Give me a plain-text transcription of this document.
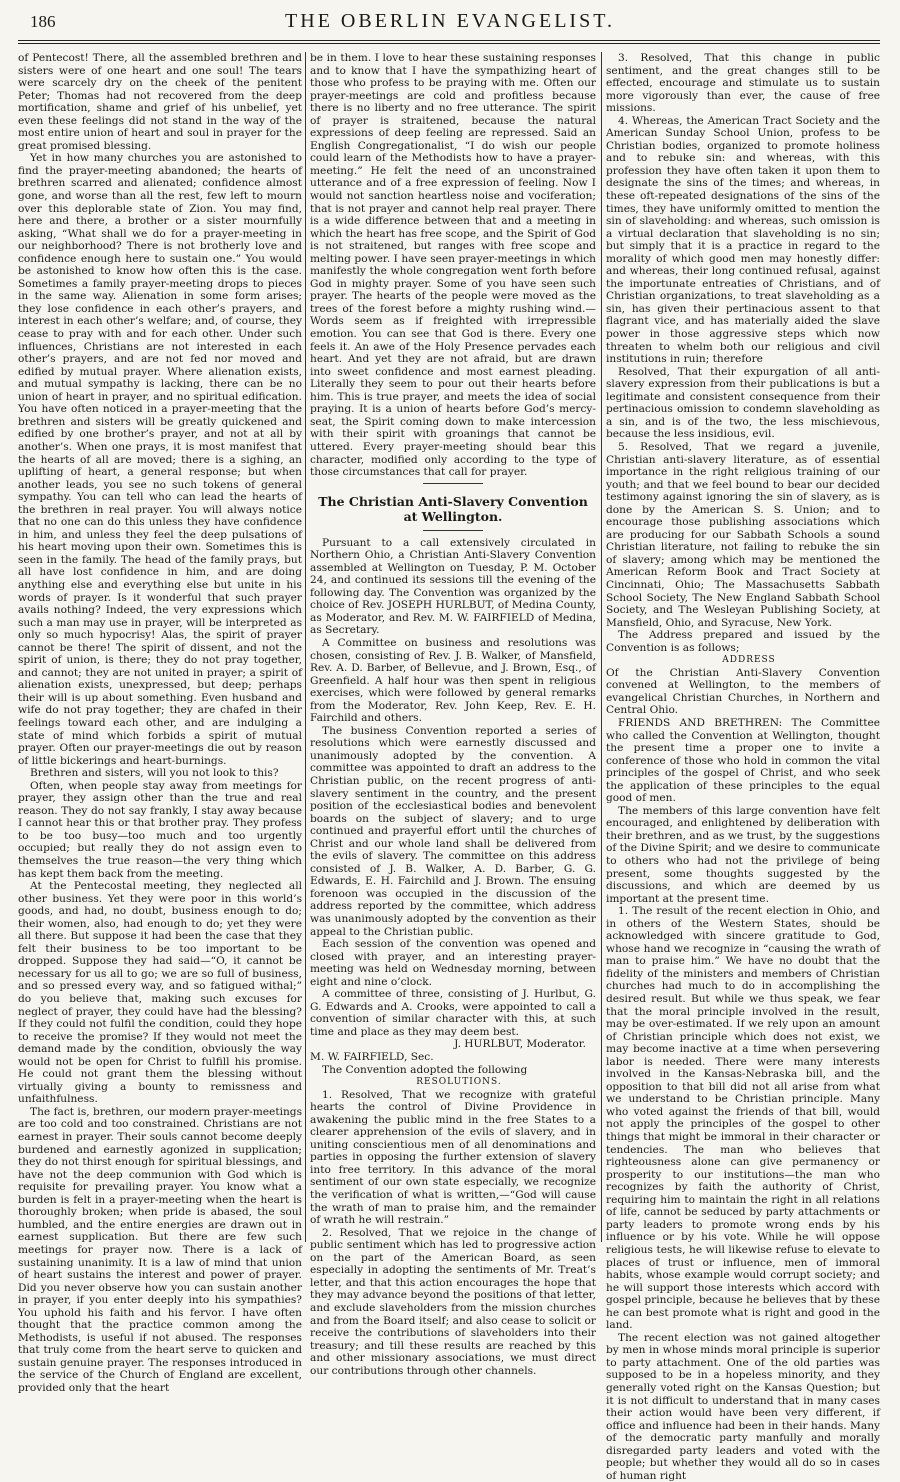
186	THE OBERLIN EVANGELIST.

of Pentecost! There, all the assembled brethren and sisters were of one heart and one soul! The tears were scarcely dry on the cheek of the penitent Peter; Thomas had not recovered from the deep mortification, shame and grief of his unbelief, yet even these feelings did not stand in the way of the most entire union of heart and soul in prayer for the great promised blessing.

Yet in how many churches you are astonished to find the prayer-meeting abandoned; the hearts of brethren scarred and alienated; confidence almost gone, and worse than all the rest, few left to mourn over this deplorable state of Zion. You may find, here and there, a brother or a sister mournfully asking, “What shall we do for a prayer-meeting in our neighborhood? There is not brotherly love and confidence enough here to sustain one.” You would be astonished to know how often this is the case. Sometimes a family prayer-meeting drops to pieces in the same way. Alienation in some form arises; they lose confidence in each other’s prayers, and interest in each other’s welfare; and, of course, they cease to pray with and for each other. Under such influences, Christians are not interested in each other’s prayers, and are not fed nor moved and edified by mutual prayer. Where alienation exists, and mutual sympathy is lacking, there can be no union of heart in prayer, and no spiritual edification. You have often noticed in a prayer-meeting that the brethren and sisters will be greatly quickened and edified by one brother’s prayer, and not at all by another’s. When one prays, it is most manifest that the hearts of all are moved; there is a sighing, an uplifting of heart, a general response; but when another leads, you see no such tokens of general sympathy. You can tell who can lead the hearts of the brethren in real prayer. You will always notice that no one can do this unless they have confidence in him, and unless they feel the deep pulsations of his heart moving upon their own. Sometimes this is seen in the family. The head of the family prays, but all have lost confidence in him, and are doing anything else and everything else but unite in his words of prayer. Is it wonderful that such prayer avails nothing? Indeed, the very expressions which such a man may use in prayer, will be interpreted as only so much hypocrisy! Alas, the spirit of prayer cannot be there! The spirit of dissent, and not the spirit of union, is there; they do not pray together, and cannot; they are not united in prayer; a spirit of alienation exists, unexpressed, but deep; perhaps their will is up about something. Even husband and wife do not pray together; they are chafed in their feelings toward each other, and are indulging a state of mind which forbids a spirit of mutual prayer. Often our prayer-meetings die out by reason of little bickerings and heart-burnings.

Brethren and sisters, will you not look to this?

Often, when people stay away from meetings for prayer, they assign other than the true and real reason. They do not say frankly, I stay away because I cannot hear this or that brother pray. They profess to be too busy—too much and too urgently occupied; but really they do not assign even to themselves the true reason—the very thing which has kept them back from the meeting.

At the Pentecostal meeting, they neglected all other business. Yet they were poor in this world’s goods, and had, no doubt, business enough to do; their women, also, had enough to do; yet they were all there. But suppose it had been the case that they felt their business to be too important to be dropped. Suppose they had said—“O, it cannot be necessary for us all to go; we are so full of business, and so pressed every way, and so fatigued withal;” do you believe that, making such excuses for neglect of prayer, they could have had the blessing? If they could not fulfil the condition, could they hope to receive the promise? If they would not meet the demand made by the condition, obviously the way would not be open for Christ to fulfill his promise. He could not grant them the blessing without virtually giving a bounty to remissness and unfaithfulness.

The fact is, brethren, our modern prayer-meetings are too cold and too constrained. Christians are not earnest in prayer. Their souls cannot become deeply burdened and earnestly agonized in supplication; they do not thirst enough for spiritual blessings, and have not the deep communion with God which is requisite for prevailing prayer. You know what a burden is felt in a prayer-meeting when the heart is thoroughly broken; when pride is abased, the soul humbled, and the entire energies are drawn out in earnest supplication. But there are few such meetings for prayer now. There is a lack of sustaining unanimity. It is a law of mind that union of heart sustains the interest and power of prayer. Did you never observe how you can sustain another in prayer, if you enter deeply into his sympathies? You uphold his faith and his fervor. I have often thought that the practice common among the Methodists, is useful if not abused. The responses that truly come from the heart serve to quicken and sustain genuine prayer. The responses introduced in the service of the Church of England are excellent, provided only that the heart

be in them. I love to hear these sustaining responses and to know that I have the sympathizing heart of those who profess to be praying with me. Often our prayer-meetings are cold and profitless because there is no liberty and no free utterance. The spirit of prayer is straitened, because the natural expressions of deep feeling are repressed. Said an English Congregationalist, “I do wish our people could learn of the Methodists how to have a prayer-meeting.” He felt the need of an unconstrained utterance and of a free expression of feeling. Now I would not sanction heartless noise and vociferation; that is not prayer and cannot help real prayer. There is a wide difference between that and a meeting in which the heart has free scope, and the Spirit of God is not straitened, but ranges with free scope and melting power. I have seen prayer-meetings in which manifestly the whole congregation went forth before God in mighty prayer. Some of you have seen such prayer. The hearts of the people were moved as the trees of the forest before a mighty rushing wind.—Words seem as if freighted with irrepressible emotion. You can see that God is there. Every one feels it. An awe of the Holy Presence pervades each heart. And yet they are not afraid, but are drawn into sweet confidence and most earnest pleading. Literally they seem to pour out their hearts before him. This is true prayer, and meets the idea of social praying. It is a union of hearts before God’s mercy-seat, the Spirit coming down to make intercession with their spirit with groanings that cannot be uttered. Every prayer-meeting should bear this character, modified only according to the type of those circumstances that call for prayer.

The Christian Anti-Slavery Convention at Wellington.

Pursuant to a call extensively circulated in Northern Ohio, a Christian Anti-Slavery Convention assembled at Wellington on Tuesday, P. M. October 24, and continued its sessions till the evening of the following day. The Convention was organized by the choice of Rev. JOSEPH HURLBUT, of Medina County, as Moderator, and Rev. M. W. FAIRFIELD of Medina, as Secretary.

A Committee on business and resolutions was chosen, consisting of Rev. J. B. Walker, of Mansfield, Rev. A. D. Barber, of Bellevue, and J. Brown, Esq., of Greenfield. A half hour was then spent in religious exercises, which were followed by general remarks from the Moderator, Rev. John Keep, Rev. E. H. Fairchild and others.

The business Convention reported a series of resolutions which were earnestly discussed and unanimously adopted by the convention. A committee was appointed to draft an address to the Christian public, on the recent progress of anti-slavery sentiment in the country, and the present position of the ecclesiastical bodies and benevolent boards on the subject of slavery; and to urge continued and prayerful effort until the churches of Christ and our whole land shall be delivered from the evils of slavery. The committee on this address consisted of J. B. Walker, A. D. Barber, G. G. Edwards, E. H. Fairchild and J. Brown. The ensuing forenoon was occupied in the discussion of the address reported by the committee, which address was unanimously adopted by the convention as their appeal to the Christian public.

Each session of the convention was opened and closed with prayer, and an interesting prayer-meeting was held on Wednesday morning, between eight and nine o’clock.

A committee of three, consisting of J. Hurlbut, G. G. Edwards and A. Crooks, were appointed to call a convention of similar character with this, at such time and place as they may deem best.

J. HURLBUT, Moderator.

M. W. FAIRFIELD, Sec.

The Convention adopted the following

RESOLUTIONS.

1. Resolved, That we recognize with grateful hearts the control of Divine Providence in awakening the public mind in the free States to a clearer apprehension of the evils of slavery, and in uniting conscientious men of all denominations and parties in opposing the further extension of slavery into free territory. In this advance of the moral sentiment of our own state especially, we recognize the verification of what is written,—“God will cause the wrath of man to praise him, and the remainder of wrath he will restrain.”

2. Resolved, That we rejoice in the change of public sentiment which has led to progressive action on the part of the American Board, as seen especially in adopting the sentiments of Mr. Treat’s letter, and that this action encourages the hope that they may advance beyond the positions of that letter, and exclude slaveholders from the mission churches and from the Board itself; and also cease to solicit or receive the contributions of slaveholders into their treasury; and till these results are reached by this and other missionary associations, we must direct our contributions through other channels.

3. Resolved, That this change in public sentiment, and the great changes still to be effected, encourage and stimulate us to sustain more vigorously than ever, the cause of free missions.

4. Whereas, the American Tract Society and the American Sunday School Union, profess to be Christian bodies, organized to promote holiness and to rebuke sin: and whereas, with this profession they have often taken it upon them to designate the sins of the times; and whereas, in these oft-repeated designations of the sins of the times, they have uniformly omitted to mention the sin of slaveholding: and whereas, such omission is a virtual declaration that slaveholding is no sin; but simply that it is a practice in regard to the morality of which good men may honestly differ: and whereas, their long continued refusal, against the importunate entreaties of Christians, and of Christian organizations, to treat slaveholding as a sin, has given their pertinacious assent to that flagrant vice, and has materially aided the slave power in those aggressive steps which now threaten to whelm both our religious and civil institutions in ruin; therefore

Resolved, That their expurgation of all anti-slavery expression from their publications is but a legitimate and consistent consequence from their pertinacious omission to condemn slaveholding as a sin, and is of the two, the less mischievous, because the less insidious, evil.

5. Resolved, That we regard a juvenile, Christian anti-slavery literature, as of essential importance in the right religious training of our youth; and that we feel bound to bear our decided testimony against ignoring the sin of slavery, as is done by the American S. S. Union; and to encourage those publishing associations which are producing for our Sabbath Schools a sound Christian literature, not failing to rebuke the sin of slavery; among which may be mentioned the American Reform Book and Tract Society at Cincinnati, Ohio; The Massachusetts Sabbath School Society, The New England Sabbath School Society, and The Wesleyan Publishing Society, at Mansfield, Ohio, and Syracuse, New York.

The Address prepared and issued by the Convention is as follows;

ADDRESS

Of the Christian Anti-Slavery Convention convened at Wellington, to the members of evangelical Christian Churches, in Northern and Central Ohio.

FRIENDS AND BRETHREN: The Committee who called the Convention at Wellington, thought the present time a proper one to invite a conference of those who hold in common the vital principles of the gospel of Christ, and who seek the application of these principles to the equal good of men.

The members of this large convention have felt encouraged, and enlightened by deliberation with their brethren, and as we trust, by the suggestions of the Divine Spirit; and we desire to communicate to others who had not the privilege of being present, some thoughts suggested by the discussions, and which are deemed by us important at the present time.

1. The result of the recent election in Ohio, and in others of the Western States, should be acknowledged with sincere gratitude to God, whose hand we recognize in “causing the wrath of man to praise him.” We have no doubt that the fidelity of the ministers and members of Christian churches had much to do in accomplishing the desired result. But while we thus speak, we fear that the moral principle involved in the result, may be over-estimated. If we rely upon an amount of Christian principle which does not exist, we may become inactive at a time when persevering labor is needed. There were many interests involved in the Kansas-Nebraska bill, and the opposition to that bill did not all arise from what we understand to be Christian principle. Many who voted against the friends of that bill, would not apply the principles of the gospel to other things that might be immoral in their character or tendencies. The man who believes that righteousness alone can give permanency or prosperity to our institutions—the man who recognizes by faith the authority of Christ, requiring him to maintain the right in all relations of life, cannot be seduced by party attachments or party leaders to promote wrong ends by his influence or by his vote. While he will oppose religious tests, he will likewise refuse to elevate to places of trust or influence, men of immoral habits, whose example would corrupt society; and he will support those interests which accord with gospel principle, because he believes that by these he can best promote what is right and good in the land.

The recent election was not gained altogether by men in whose minds moral principle is superior to party attachment. One of the old parties was supposed to be in a hopeless minority, and they generally voted right on the Kansas Question; but it is not difficult to understand that in many cases their action would have been very different, if office and influence had been in their hands. Many of the democratic party manfully and morally disregarded party leaders and voted with the people; but whether they would all do so in cases of human right
